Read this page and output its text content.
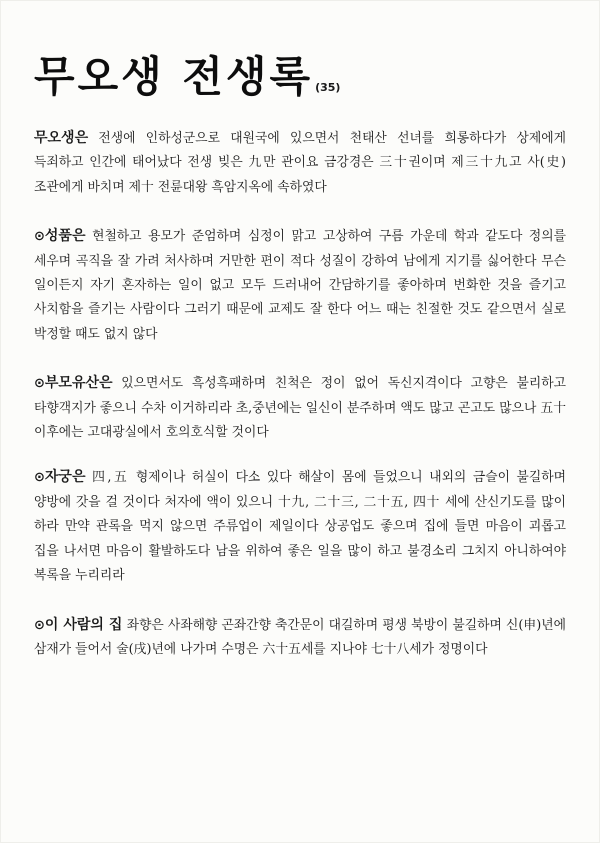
무오생 전생록 (35)

무오생은 전생에 인하성군으로 대원국에 있으면서 천태산 선녀를 희롱하다가 상제에게 득죄하고 인간에 태어났다 전생 빚은 九만 관이요 금강경은 三十권이며 제三十九고 사(史)조관에게 바치며 제十 전륜대왕 흑암지옥에 속하였다

⊙성품은 현철하고 용모가 준엄하며 심정이 맑고 고상하여 구름 가운데 학과 같도다 정의를 세우며 곡직을 잘 가려 처사하며 거만한 편이 적다 성질이 강하여 남에게 지기를 싫어한다 무슨 일이든지 자기 혼자하는 일이 없고 모두 드러내어 간담하기를 좋아하며 번화한 것을 즐기고 사치함을 즐기는 사람이다 그러기 때문에 교제도 잘 한다 어느 때는 친절한 것도 같으면서 실로 박정할 때도 없지 않다

⊙부모유산은 있으면서도 흑성흑패하며 친척은 정이 없어 독신지격이다 고향은 불리하고 타향객지가 좋으니 수차 이거하리라 초,중년에는 일신이 분주하며 액도 많고 곤고도 많으나 五十 이후에는 고대광실에서 호의호식할 것이다

⊙자궁은 四,五 형제이나 허실이 다소 있다 해살이 몸에 들었으니 내외의 금슬이 불길하며 양방에 갓을 걸 것이다 처자에 액이 있으니 十九, 二十三, 二十五, 四十 세에 산신기도를 많이 하라 만약 관록을 먹지 않으면 주류업이 제일이다 상공업도 좋으며 집에 들면 마음이 괴롭고 집을 나서면 마음이 활발하도다 남을 위하여 좋은 일을 많이 하고 불경소리 그치지 아니하여야 복록을 누리리라

⊙이 사람의 집 좌향은 사좌해향 곤좌간향 축간문이 대길하며 평생 북방이 불길하며 신(申)년에 삼재가 들어서 술(戌)년에 나가며 수명은 六十五세를 지나야 七十八세가 정명이다
